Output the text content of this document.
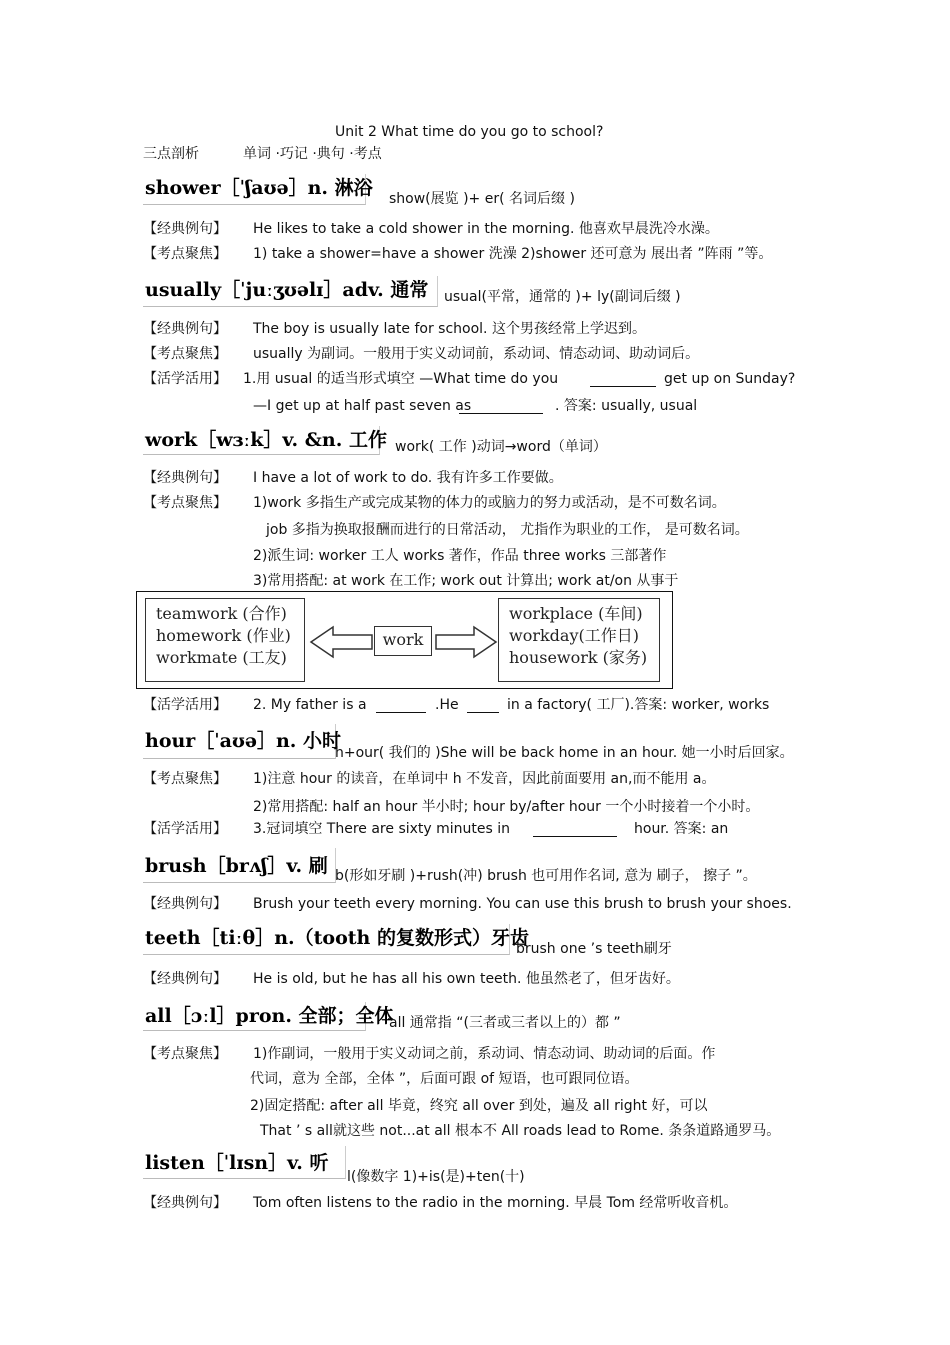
Unit 2 What time do you go to school?
三点剖析	单词 ·巧记 ·典句 ·考点
shower［ˈʃaʊə］n. 淋浴 show(展览 )+ er( 名词后缀 )
【经典例句】 He likes to take a cold shower in the morning. 他喜欢早晨洗冷水澡。
【考点聚焦】 1) take a shower=have a shower 洗澡 2)shower 还可意为 展出者 ”阵雨 ”等。
usually［ˈjuːʒʊəlɪ］adv. 通常	usual(平常，通常的 )+ ly(副词后缀 )
【经典例句】 The boy is usually late for school. 这个男孩经常上学迟到。
【考点聚焦】 usually 为副词。一般用于实义动词前，系动词、情态动词、助动词后。
【活学活用】 1.用 usual 的适当形式填空 —What time do you	get up on Sunday?
—I get up at half past seven as	. 答案: usually, usual
work［wɜːk］v. &n. 工作 work( 工作 )动词→word（单词）
【经典例句】 I have a lot of work to do. 我有许多工作要做。
【考点聚焦】 1)work 多指生产或完成某物的体力的或脑力的努力或活动，是不可数名词。
job 多指为换取报酬而进行的日常活动， 尤指作为职业的工作， 是可数名词。
2)派生词: worker 工人 works 著作，作品 three works 三部著作
3)常用搭配: at work 在工作; work out 计算出; work at/on 从事于
teamwork (合作)
homework (作业)
workmate (工友)
work
workplace (车间)
workday(工作日)
housework (家务)
【活学活用】 2. My father is a	.He	in a factory( 工厂).答案: worker, works
hour［ˈaʊə］n. 小时
h+our( 我们的 )She will be back home in an hour. 她一小时后回家。
【考点聚焦】 1)注意 hour 的读音，在单词中 h 不发音，因此前面要用 an,而不能用 a。
2)常用搭配: half an hour 半小时; hour by/after hour 一个小时接着一个小时。
【活学活用】 3.冠词填空 There are sixty minutes in	hour. 答案: an
brush［brʌʃ］v. 刷 b(形如牙刷 )+rush(冲) brush 也可用作名词, 意为 刷子， 擦子 ”。
【经典例句】 Brush your teeth every morning. You can use this brush to brush your shoes.
teeth［tiːθ］n.（tooth 的复数形式）牙齿
brush one ’s teeth刷牙
【经典例句】 He is old, but he has all his own teeth. 他虽然老了，但牙齿好。
all［ɔːl］pron. 全部；全体
all 通常指 “(三者或三者以上的）都 ”
【考点聚焦】 1)作副词，一般用于实义动词之前，系动词、情态动词、助动词的后面。作
代词，意为 全部，全体 ”，后面可跟 of 短语，也可跟同位语。
2)固定搭配: after all 毕竟，终究 all over 到处，遍及 all right 好，可以
That ’ s all就这些 not...at all 根本不 All roads lead to Rome. 条条道路通罗马。
listen［ˈlɪsn］v. 听
l(像数字 1)+is(是)+ten(十)
【经典例句】 Tom often listens to the radio in the morning. 早晨 Tom 经常听收音机。
